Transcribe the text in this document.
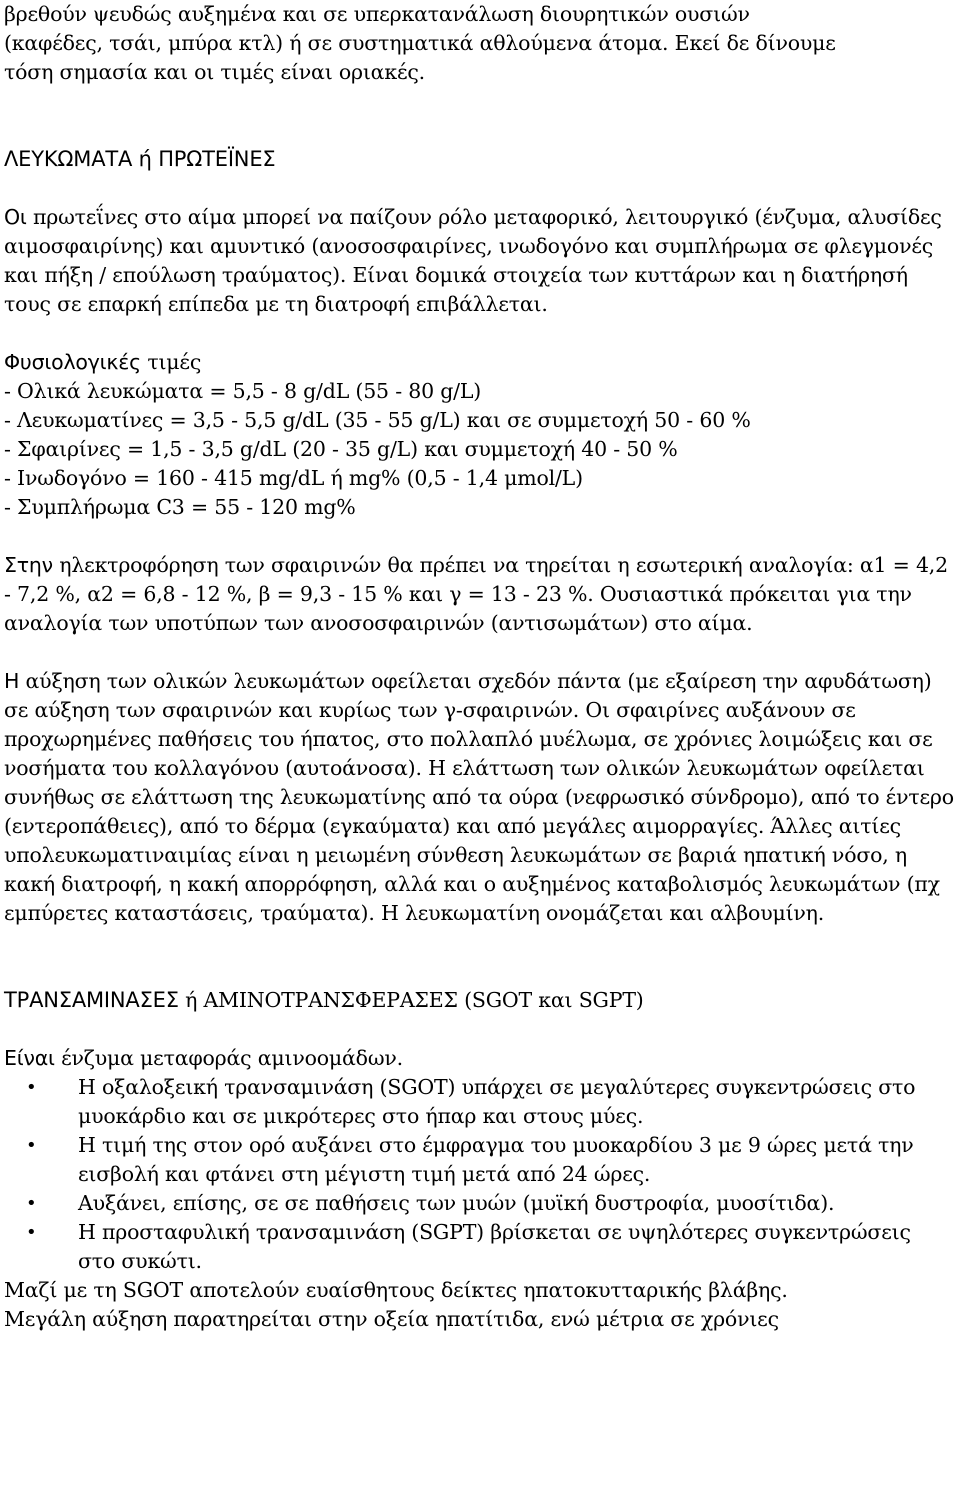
βρεθούν ψευδώς αυξημένα και σε υπερκατανάλωση διουρητικών ουσιών

(καφέδες, τσάι, μπύρα κτλ) ή σε συστηματικά αθλούμενα άτομα. Εκεί δε δίνουμε

τόση σημασία και οι τιμές είναι οριακές.

ΛΕΥΚΩΜΑΤΑ ή ΠΡΩΤΕΪΝΕΣ

Οι πρωτεΐνες στο αίμα μπορεί να παίζουν ρόλο μεταφορικό, λειτουργικό (ένζυμα, αλυσίδες αιμοσφαιρίνης) και αμυντικό (ανοσοσφαιρίνες, ινωδογόνο και συμπλήρωμα σε φλεγμονές και πήξη / επούλωση τραύματος). Είναι δομικά στοιχεία των κυττάρων και η διατήρησή τους σε επαρκή επίπεδα με τη διατροφή επιβάλλεται.

Φυσιολογικές τιμές

- Ολικά λευκώματα = 5,5 - 8 g/dL (55 - 80 g/L)

- Λευκωματίνες = 3,5 - 5,5 g/dL (35 - 55 g/L) και σε συμμετοχή 50 - 60 %

- Σφαιρίνες = 1,5 - 3,5 g/dL (20 - 35 g/L) και συμμετοχή 40 - 50 %

- Ινωδογόνο = 160 - 415 mg/dL ή mg% (0,5 - 1,4 μmol/L)

- Συμπλήρωμα C3 = 55 - 120 mg%

Στην ηλεκτροφόρηση των σφαιρινών θα πρέπει να τηρείται η εσωτερική αναλογία: α1 = 4,2 - 7,2 %, α2 = 6,8 - 12 %, β = 9,3 - 15 % και γ = 13 - 23 %. Ουσιαστικά πρόκειται για την αναλογία των υποτύπων των ανοσοσφαιρινών (αντισωμάτων) στο αίμα.

Η αύξηση των ολικών λευκωμάτων οφείλεται σχεδόν πάντα (με εξαίρεση την αφυδάτωση) σε αύξηση των σφαιρινών και κυρίως των γ-σφαιρινών. Οι σφαιρίνες αυξάνουν σε προχωρημένες παθήσεις του ήπατος, στο πολλαπλό μυέλωμα, σε χρόνιες λοιμώξεις και σε νοσήματα του κολλαγόνου (αυτοάνοσα). Η ελάττωση των ολικών λευκωμάτων οφείλεται συνήθως σε ελάττωση της λευκωματίνης από τα ούρα (νεφρωσικό σύνδρομο), από το έντερο (εντεροπάθειες), από το δέρμα (εγκαύματα) και από μεγάλες αιμορραγίες. Άλλες αιτίες υπολευκωματιναιμίας είναι η μειωμένη σύνθεση λευκωμάτων σε βαριά ηπατική νόσο, η κακή διατροφή, η κακή απορρόφηση, αλλά και ο αυξημένος καταβολισμός λευκωμάτων (πχ εμπύρετες καταστάσεις, τραύματα). Η λευκωματίνη ονομάζεται και αλβουμίνη.

ΤΡΑΝΣΑΜΙΝΑΣΕΣ ή ΑΜΙΝΟΤΡΑΝΣΦΕΡΑΣΕΣ (SGOT και SGPT)

Είναι ένζυμα μεταφοράς αμινοομάδων.

• Η οξαλοξεική τρανσαμινάση (SGOT) υπάρχει σε μεγαλύτερες συγκεντρώσεις στο μυοκάρδιο και σε μικρότερες στο ήπαρ και στους μύες.
• Η τιμή της στον ορό αυξάνει στο έμφραγμα του μυοκαρδίου 3 με 9 ώρες μετά την εισβολή και φτάνει στη μέγιστη τιμή μετά από 24 ώρες.
• Αυξάνει, επίσης, σε σε παθήσεις των μυών (μυϊκή δυστροφία, μυοσίτιδα).
• Η προσταφυλική τρανσαμινάση (SGPT) βρίσκεται σε υψηλότερες συγκεντρώσεις στο συκώτι.

Μαζί με τη SGOT αποτελούν ευαίσθητους δείκτες ηπατοκυτταρικής βλάβης.

Μεγάλη αύξηση παρατηρείται στην οξεία ηπατίτιδα, ενώ μέτρια σε χρόνιες
